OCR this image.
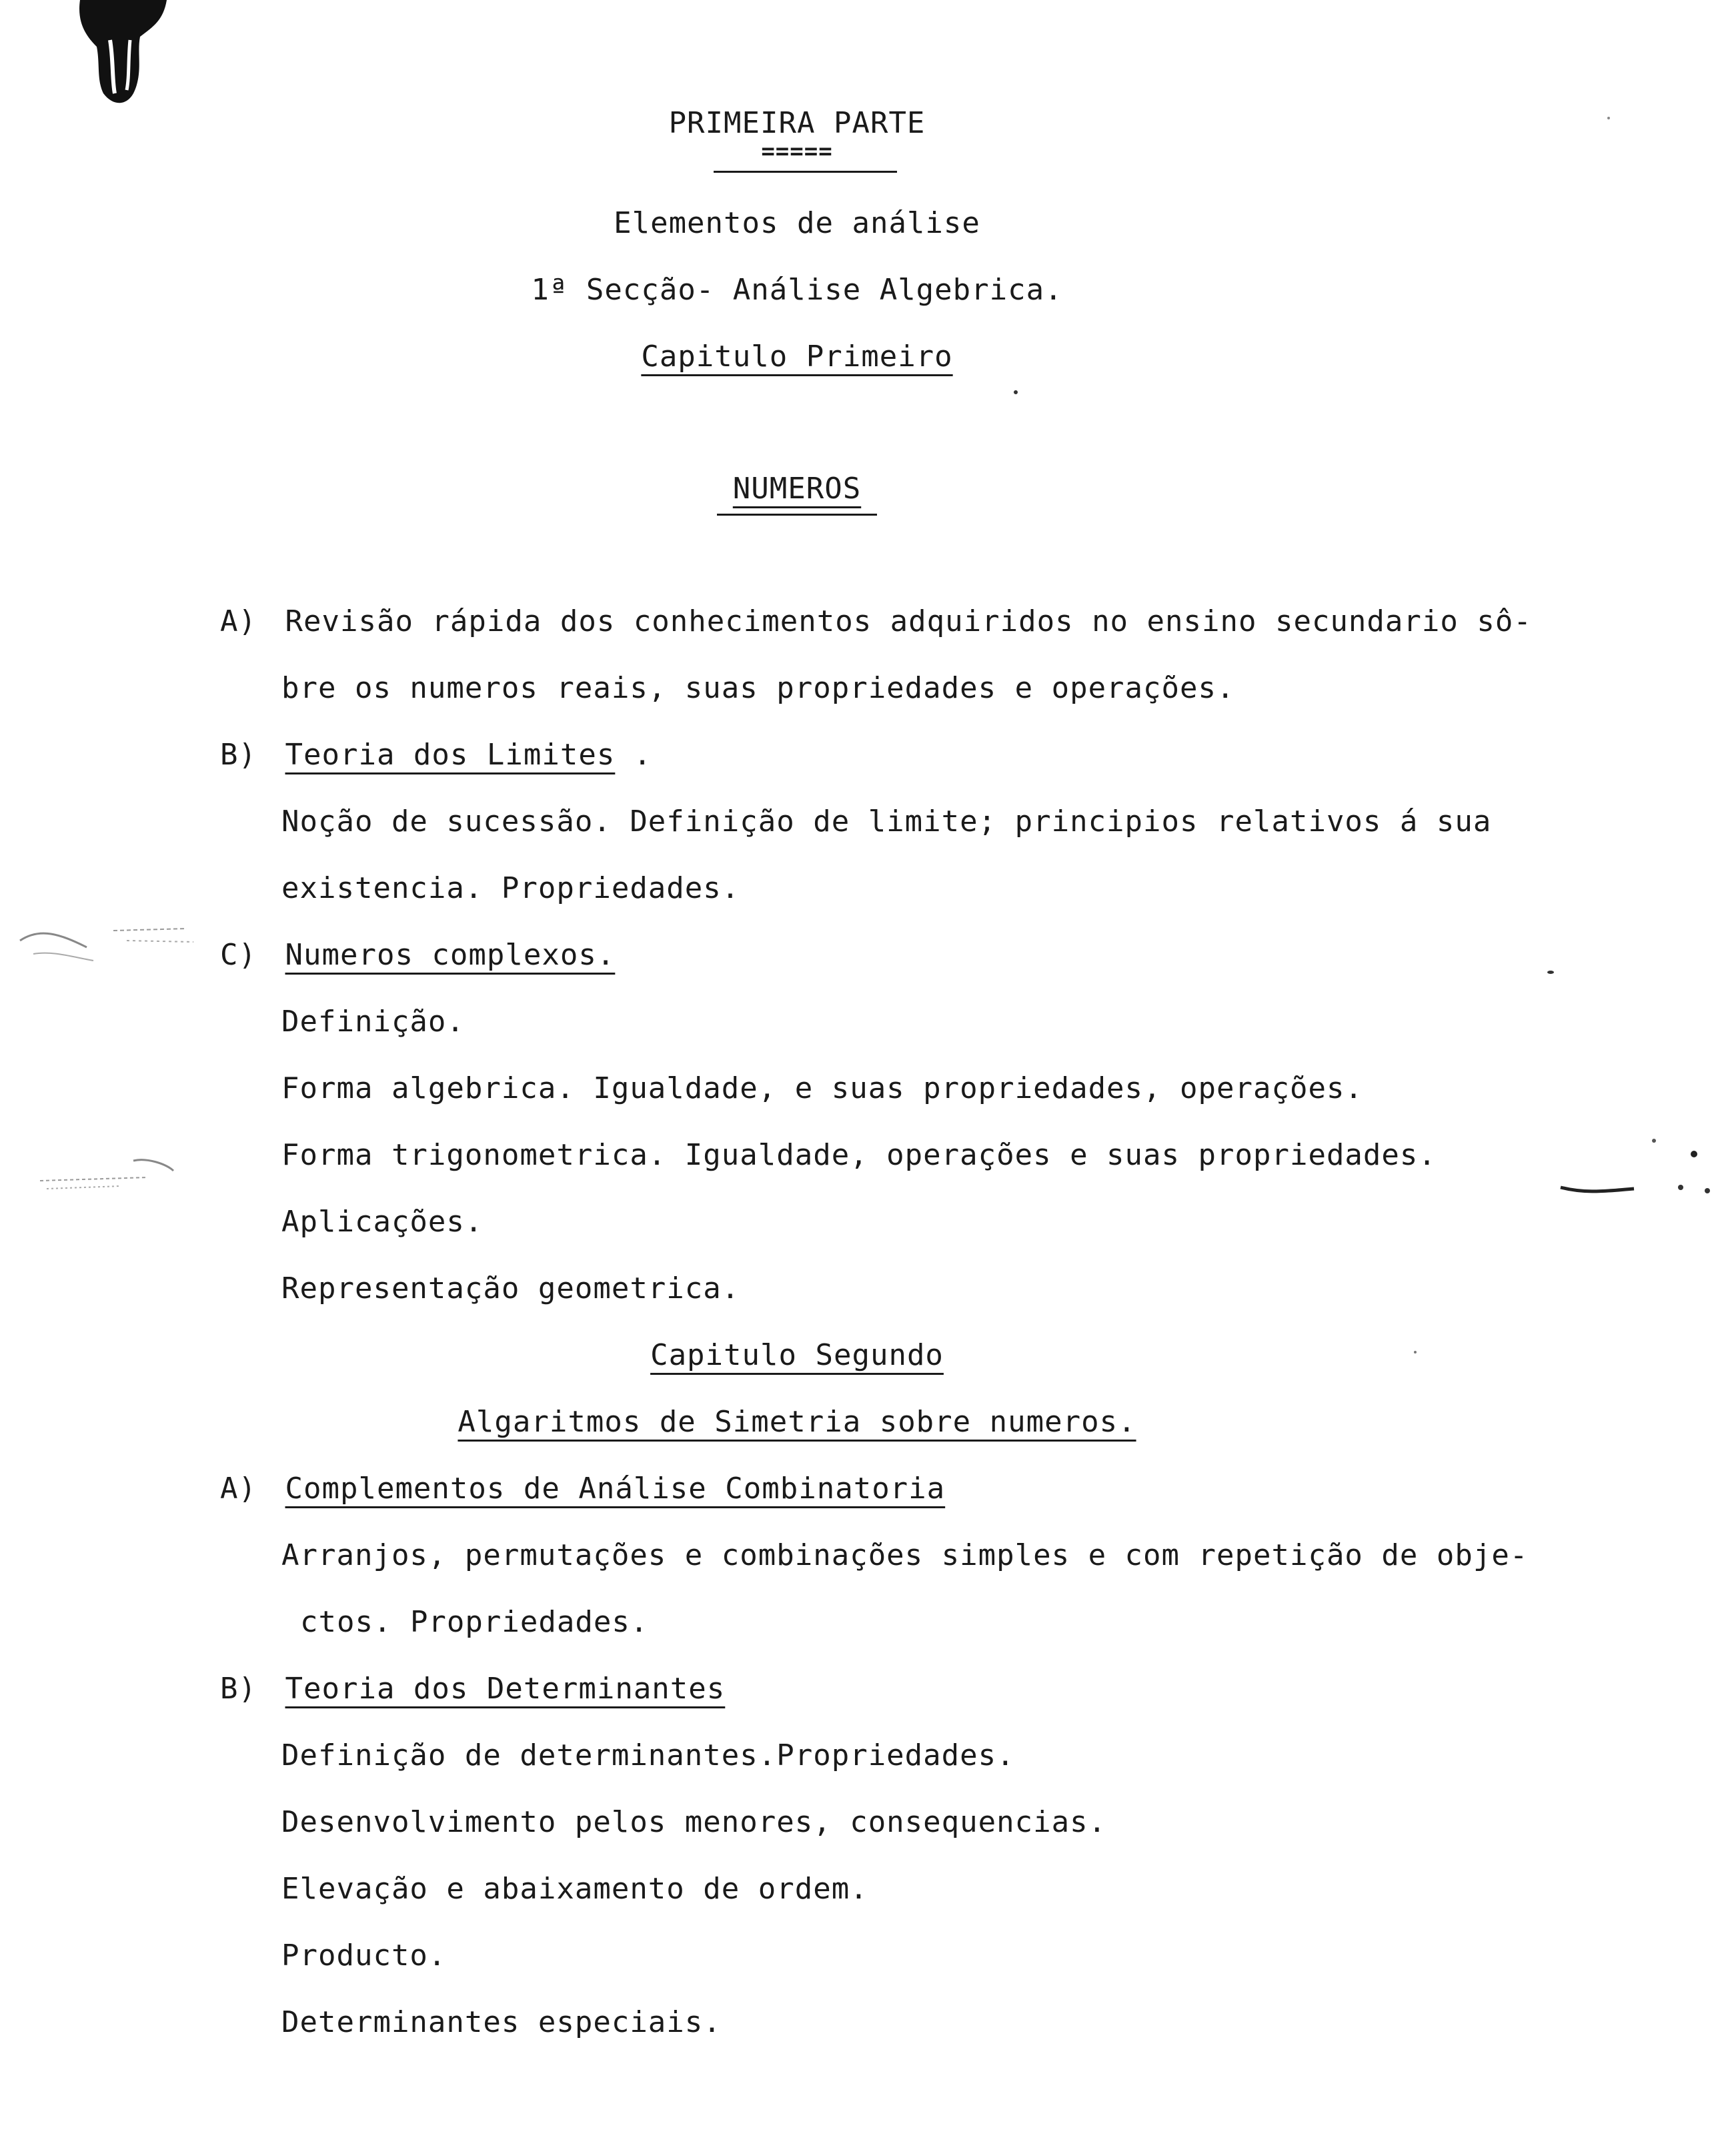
PRIMEIRA PARTE
=====
Elementos de análise
1ª Secção- Análise Algebrica.
Capitulo Primeiro
NUMEROS
A) Revisão rápida dos conhecimentos adquiridos no ensino secundario sô-
bre os numeros reais, suas propriedades e operações.
B) Teoria dos Limites .
Noção de sucessão. Definição de limite; principios relativos á sua
existencia. Propriedades.
C) Numeros complexos.
Definição.
Forma algebrica. Igualdade, e suas propriedades, operações.
Forma trigonometrica. Igualdade, operações e suas propriedades.
Aplicações.
Representação geometrica.
Capitulo Segundo
Algaritmos de Simetria sobre numeros.
A) Complementos de Análise Combinatoria
Arranjos, permutações e combinações simples e com repetição de obje-
ctos. Propriedades.
B) Teoria dos Determinantes
Definição de determinantes.Propriedades.
Desenvolvimento pelos menores, consequencias.
Elevação e abaixamento de ordem.
Producto.
Determinantes especiais.
